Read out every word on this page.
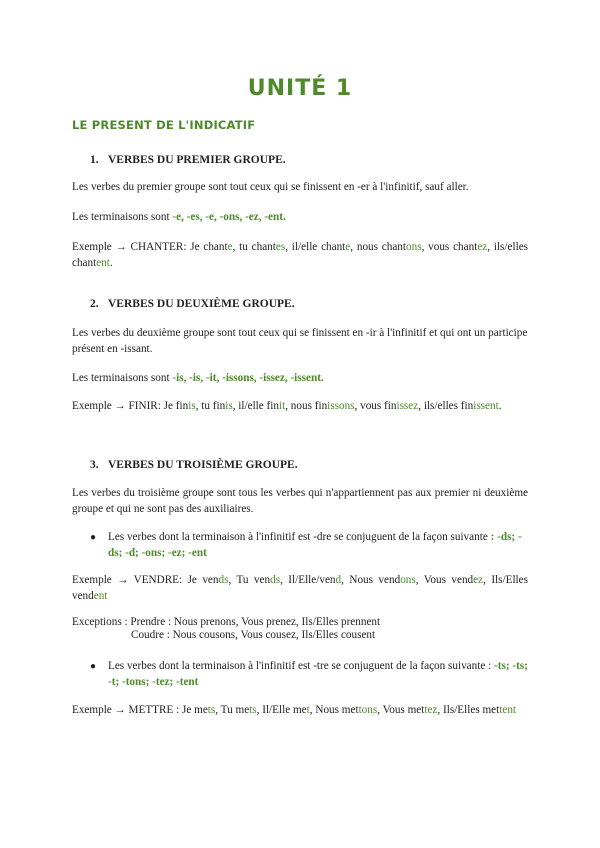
UNITÉ 1
LE PRESENT DE L'INDICATIF
1. VERBES DU PREMIER GROUPE.
Les verbes du premier groupe sont tout ceux qui se finissent en -er à l'infinitif, sauf aller.
Les terminaisons sont -e, -es, -e, -ons, -ez, -ent.
Exemple → CHANTER: Je chante, tu chantes, il/elle chante, nous chantons, vous chantez, ils/elles chantent.
2. VERBES DU DEUXIÈME GROUPE.
Les verbes du deuxième groupe sont tout ceux qui se finissent en -ir à l'infinitif et qui ont un participe présent en -issant.
Les terminaisons sont -is, -is, -it, -issons, -issez, -issent.
Exemple → FINIR: Je finis, tu finis, il/elle finit, nous finissons, vous finissez, ils/elles finissent.
3. VERBES DU TROISIÈME GROUPE.
Les verbes du troisième groupe sont tous les verbes qui n'appartiennent pas aux premier ni deuxième groupe et qui ne sont pas des auxiliaires.
●	Les verbes dont la terminaison à l'infinitif est -dre se conjuguent de la façon suivante : -ds; -ds; -d; -ons; -ez; -ent
Exemple → VENDRE: Je vends, Tu vends, Il/Elle/vend, Nous vendons, Vous vendez, Ils/Elles vendent
Exceptions : Prendre : Nous prenons, Vous prenez, Ils/Elles prennent
Coudre : Nous cousons, Vous cousez, Ils/Elles cousent
●	Les verbes dont la terminaison à l'infinitif est -tre se conjuguent de la façon suivante : -ts; -ts; -t; -tons; -tez; -tent
Exemple → METTRE : Je mets, Tu mets, Il/Elle met, Nous mettons, Vous mettez, Ils/Elles mettent
